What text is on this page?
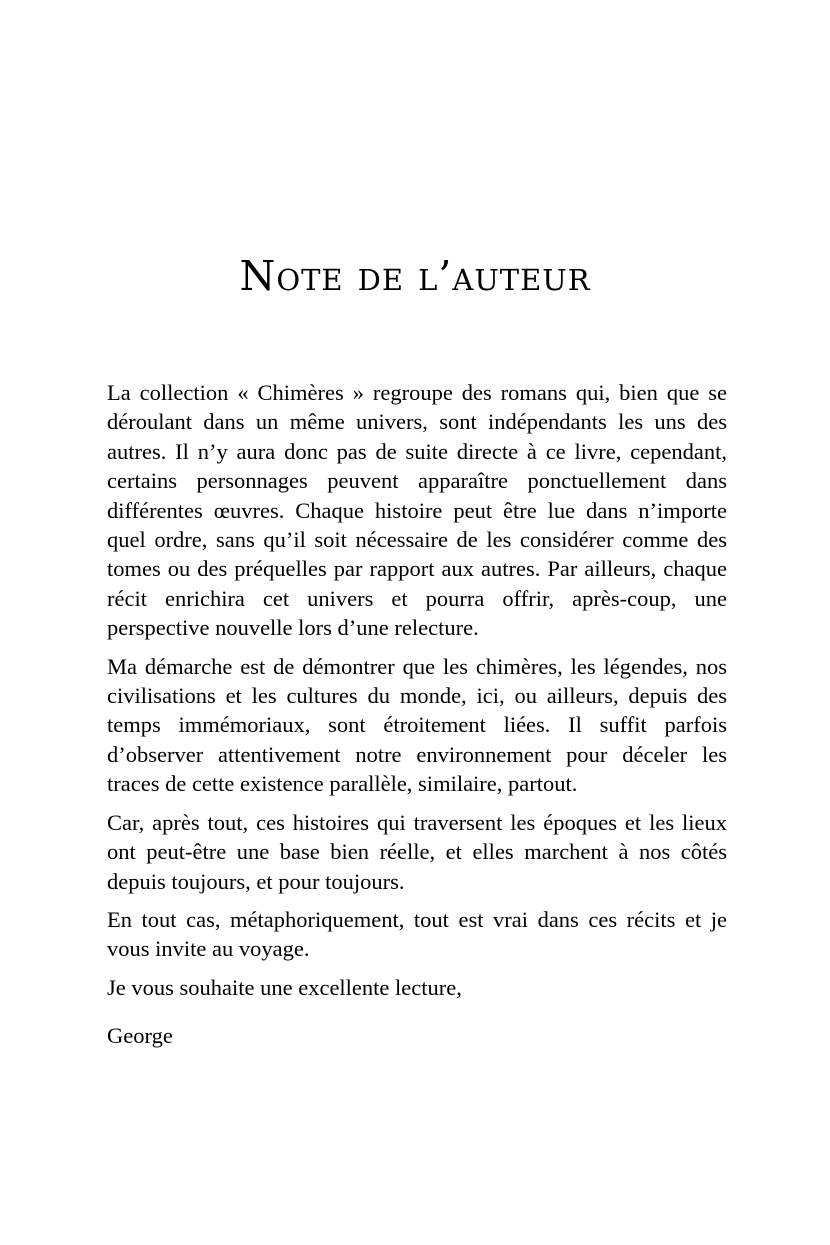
Note de l’auteur

La collection « Chimères » regroupe des romans qui, bien que se déroulant dans un même univers, sont indépendants les uns des autres. Il n’y aura donc pas de suite directe à ce livre, cependant, certains personnages peuvent apparaître ponctuellement dans différentes œuvres. Chaque histoire peut être lue dans n’importe quel ordre, sans qu’il soit nécessaire de les considérer comme des tomes ou des préquelles par rapport aux autres. Par ailleurs, chaque récit enrichira cet univers et pourra offrir, après-coup, une perspective nouvelle lors d’une relecture.

Ma démarche est de démontrer que les chimères, les légendes, nos civilisations et les cultures du monde, ici, ou ailleurs, depuis des temps immémoriaux, sont étroitement liées. Il suffit parfois d’observer attentivement notre environnement pour déceler les traces de cette existence parallèle, similaire, partout.

Car, après tout, ces histoires qui traversent les époques et les lieux ont peut-être une base bien réelle, et elles marchent à nos côtés depuis toujours, et pour toujours.

En tout cas, métaphoriquement, tout est vrai dans ces récits et je vous invite au voyage.

Je vous souhaite une excellente lecture,

George
